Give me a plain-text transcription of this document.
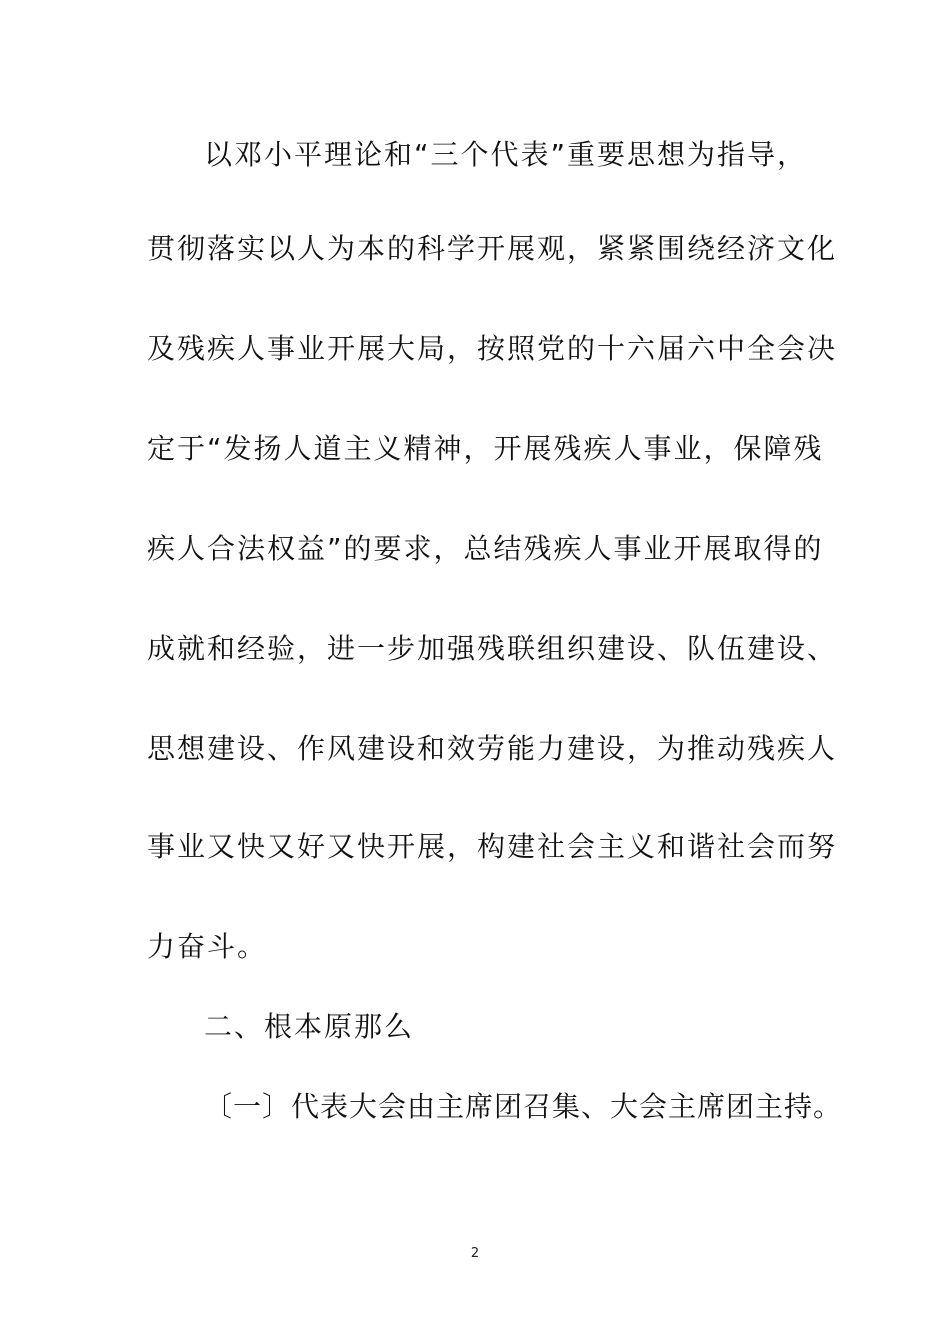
以邓小平理论和“三个代表”重要思想为指导，
贯彻落实以人为本的科学开展观，紧紧围绕经济文化
及残疾人事业开展大局，按照党的十六届六中全会决
定于“发扬人道主义精神，开展残疾人事业，保障残
疾人合法权益”的要求，总结残疾人事业开展取得的
成就和经验，进一步加强残联组织建设、队伍建设、
思想建设、作风建设和效劳能力建设，为推动残疾人
事业又快又好又快开展，构建社会主义和谐社会而努
力奋斗。
二、根本原那么
〔一〕代表大会由主席团召集、大会主席团主持。
2
